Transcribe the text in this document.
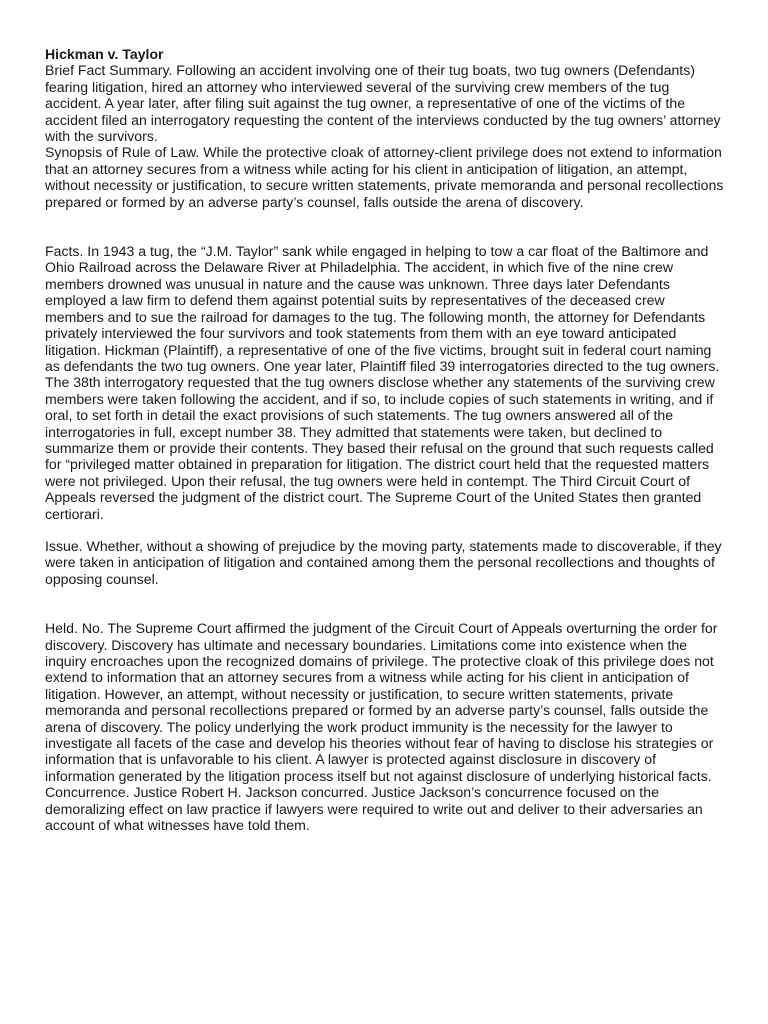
Hickman v. Taylor

Brief Fact Summary. Following an accident involving one of their tug boats, two tug owners (Defendants) fearing litigation, hired an attorney who interviewed several of the surviving crew members of the tug accident. A year later, after filing suit against the tug owner, a representative of one of the victims of the accident filed an interrogatory requesting the content of the interviews conducted by the tug owners’ attorney with the survivors.

Synopsis of Rule of Law. While the protective cloak of attorney-client privilege does not extend to information that an attorney secures from a witness while acting for his client in anticipation of litigation, an attempt, without necessity or justification, to secure written statements, private memoranda and personal recollections prepared or formed by an adverse party’s counsel, falls outside the arena of discovery.

Facts. In 1943 a tug, the “J.M. Taylor” sank while engaged in helping to tow a car float of the Baltimore and Ohio Railroad across the Delaware River at Philadelphia. The accident, in which five of the nine crew members drowned was unusual in nature and the cause was unknown. Three days later Defendants employed a law firm to defend them against potential suits by representatives of the deceased crew members and to sue the railroad for damages to the tug. The following month, the attorney for Defendants privately interviewed the four survivors and took statements from them with an eye toward anticipated litigation. Hickman (Plaintiff), a representative of one of the five victims, brought suit in federal court naming as defendants the two tug owners. One year later, Plaintiff filed 39 interrogatories directed to the tug owners. The 38th interrogatory requested that the tug owners disclose whether any statements of the surviving crew members were taken following the accident, and if so, to include copies of such statements in writing, and if oral, to set forth in detail the exact provisions of such statements. The tug owners answered all of the interrogatories in full, except number 38. They admitted that statements were taken, but declined to summarize them or provide their contents. They based their refusal on the ground that such requests called for “privileged matter obtained in preparation for litigation. The district court held that the requested matters were not privileged. Upon their refusal, the tug owners were held in contempt. The Third Circuit Court of Appeals reversed the judgment of the district court. The Supreme Court of the United States then granted certiorari.

Issue. Whether, without a showing of prejudice by the moving party, statements made to discoverable, if they were taken in anticipation of litigation and contained among them the personal recollections and thoughts of opposing counsel.

Held. No. The Supreme Court affirmed the judgment of the Circuit Court of Appeals overturning the order for discovery. Discovery has ultimate and necessary boundaries. Limitations come into existence when the inquiry encroaches upon the recognized domains of privilege. The protective cloak of this privilege does not extend to information that an attorney secures from a witness while acting for his client in anticipation of litigation. However, an attempt, without necessity or justification, to secure written statements, private memoranda and personal recollections prepared or formed by an adverse party’s counsel, falls outside the arena of discovery. The policy underlying the work product immunity is the necessity for the lawyer to investigate all facets of the case and develop his theories without fear of having to disclose his strategies or information that is unfavorable to his client. A lawyer is protected against disclosure in discovery of information generated by the litigation process itself but not against disclosure of underlying historical facts. Concurrence. Justice Robert H. Jackson concurred. Justice Jackson’s concurrence focused on the demoralizing effect on law practice if lawyers were required to write out and deliver to their adversaries an account of what witnesses have told them.
